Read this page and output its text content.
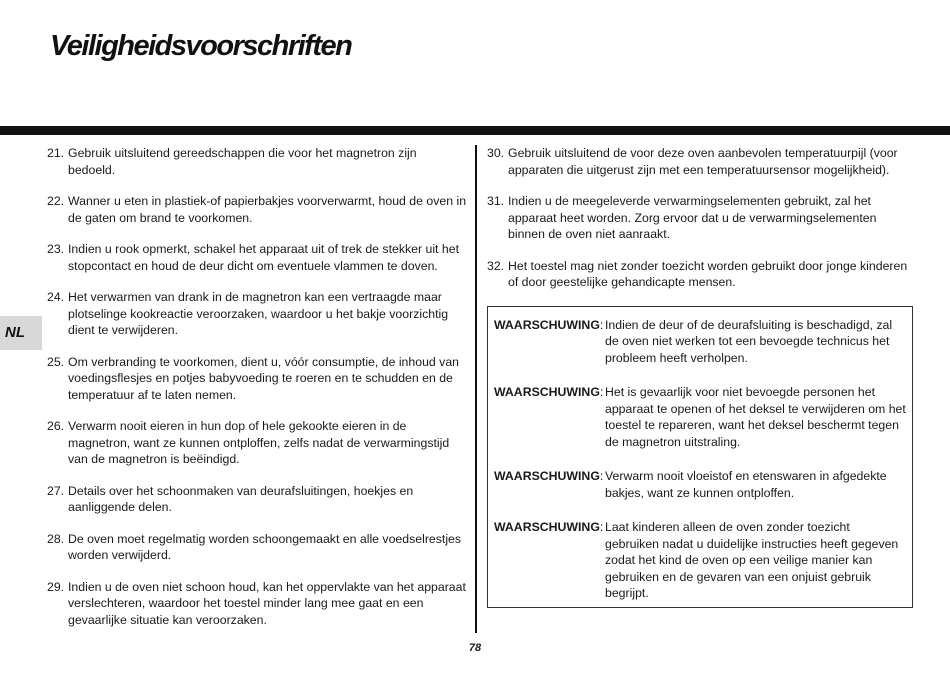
Veiligheidsvoorschriften
NL
21. Gebruik uitsluitend gereedschappen die voor het magnetron zijn bedoeld.
22. Wanner u eten in plastiek-of papierbakjes voorverwarmt, houd de oven in de gaten om brand te voorkomen.
23. Indien u rook opmerkt, schakel het apparaat uit of trek de stekker uit het stopcontact en houd de deur dicht om eventuele vlammen te doven.
24. Het verwarmen van drank in de magnetron kan een vertraagde maar plotselinge kookreactie veroorzaken, waardoor u het bakje voorzichtig dient te verwijderen.
25. Om verbranding te voorkomen, dient u, vóór consumptie, de inhoud van voedingsflesjes en potjes babyvoeding te roeren en te schudden en de temperatuur af te laten nemen.
26. Verwarm nooit eieren in hun dop of hele gekookte eieren in de magnetron, want ze kunnen ontploffen, zelfs nadat de verwarmingstijd van de magnetron is beëindigd.
27. Details over het schoonmaken van deurafsluitingen, hoekjes en aanliggende delen.
28. De oven moet regelmatig worden schoongemaakt en alle voedselrestjes worden verwijderd.
29. Indien u de oven niet schoon houd, kan het oppervlakte van het apparaat verslechteren, waardoor het toestel minder lang mee gaat en een gevaarlijke situatie kan veroorzaken.
30. Gebruik uitsluitend de voor deze oven aanbevolen temperatuurpijl (voor apparaten die uitgerust zijn met een temperatuursensor mogelijkheid).
31. Indien u de meegeleverde verwarmingselementen gebruikt, zal het apparaat heet worden. Zorg ervoor dat u de verwarmingselementen binnen de oven niet aanraakt.
32. Het toestel mag niet zonder toezicht worden gebruikt door jonge kinderen of door geestelijke gehandicapte mensen.
WAARSCHUWING: Indien de deur of de deurafsluiting is beschadigd, zal de oven niet werken tot een bevoegde technicus het probleem heeft verholpen.
WAARSCHUWING: Het is gevaarlijk voor niet bevoegde personen het apparaat te openen of het deksel te verwijderen om het toestel te repareren, want het deksel beschermt tegen de magnetron uitstraling.
WAARSCHUWING: Verwarm nooit vloeistof en etenswaren in afgedekte bakjes, want ze kunnen ontploffen.
WAARSCHUWING: Laat kinderen alleen de oven zonder toezicht gebruiken nadat u duidelijke instructies heeft gegeven zodat het kind de oven op een veilige manier kan gebruiken en de gevaren van een onjuist gebruik begrijpt.
78
